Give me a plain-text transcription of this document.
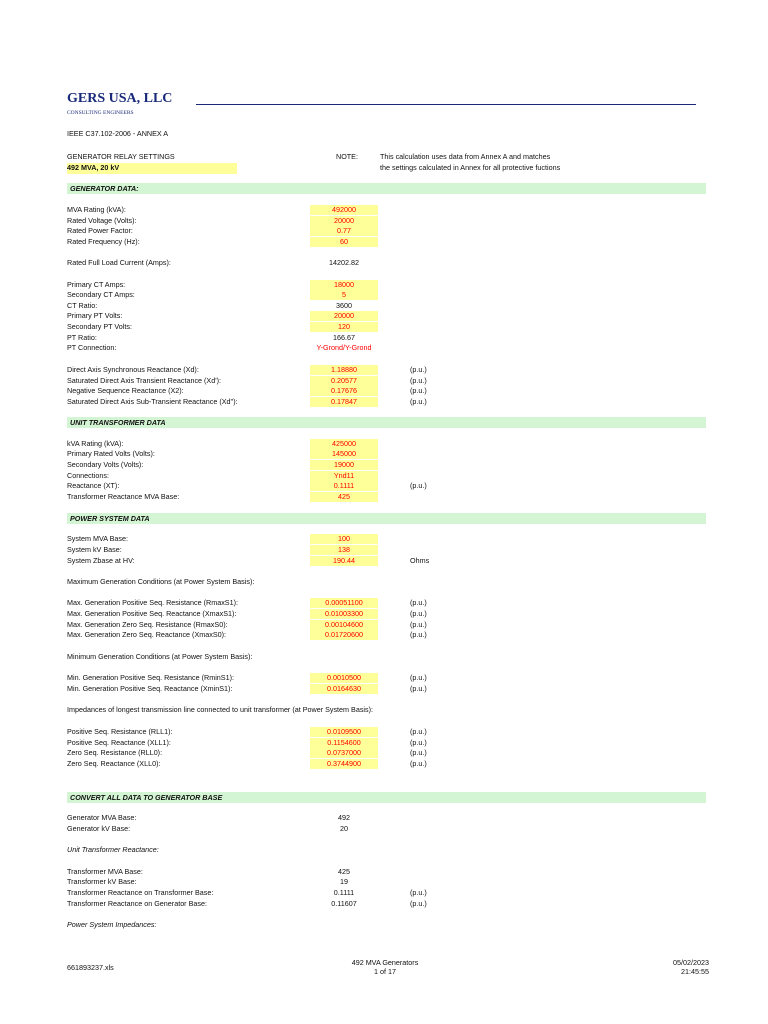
GERS USA, LLC
CONSULTING ENGINEERS
IEEE C37.102-2006 - ANNEX A
GENERATOR RELAY SETTINGS
492 MVA, 20 kV
NOTE:	This calculation uses data from Annex A and matches
the settings calculated in Annex for all protective fuctions
GENERATOR DATA:
MVA Rating (kVA):	492000
Rated Voltage (Volts):	20000
Rated Power Factor:	0.77
Rated Frequency (Hz):	60
Rated Full Load Current (Amps):	14202.82
Primary CT Amps:	18000
Secondary CT Amps:	5
CT Ratio:	3600
Primary PT Volts:	20000
Secondary PT Volts:	120
PT Ratio:	166.67
PT Connection:	Y-Grond/Y-Grond
Direct Axis Synchronous Reactance (Xd):	1.18880	(p.u.)
Saturated Direct Axis Transient Reactance (Xd'):	0.20577	(p.u.)
Negative Sequence Reactance (X2):	0.17676	(p.u.)
Saturated Direct Axis Sub-Transient Reactance (Xd''):	0.17847	(p.u.)
UNIT TRANSFORMER DATA
kVA Rating (kVA):	425000
Primary Rated Volts (Volts):	145000
Secondary Volts (Volts):	19000
Connections:	Ynd11
Reactance (XT):	0.1111	(p.u.)
Transformer Reactance MVA Base:	425
POWER SYSTEM DATA
System MVA Base:	100
System kV Base:	138
System Zbase at HV:	190.44	Ohms
Maximum Generation Conditions (at Power System Basis):
Max. Generation Positive Seq. Resistance (RmaxS1):	0.00051100	(p.u.)
Max. Generation Positive Seq. Reactance (XmaxS1):	0.01003300	(p.u.)
Max. Generation Zero Seq. Resistance (RmaxS0):	0.00104600	(p.u.)
Max. Generation Zero Seq. Reactance (XmaxS0):	0.01720600	(p.u.)
Minimum Generation Conditions (at Power System Basis):
Min. Generation Positive Seq. Resistance (RminS1):	0.0010500	(p.u.)
Min. Generation Positive Seq. Reactance (XminS1):	0.0164630	(p.u.)
Impedances of longest transmission line connected to unit transformer (at Power System Basis):
Positive Seq. Resistance (RLL1):	0.0109500	(p.u.)
Positive Seq. Reactance (XLL1):	0.1154600	(p.u.)
Zero Seq. Resistance (RLL0):	0.0737000	(p.u.)
Zero Seq. Reactance (XLL0):	0.3744900	(p.u.)
CONVERT ALL DATA TO GENERATOR BASE
Generator MVA Base:	492
Generator kV Base:	20
Unit Transformer Reactance:
Transformer MVA Base:	425
Transformer kV Base:	19
Transformer Reactance on Transformer Base:	0.1111	(p.u.)
Transformer Reactance on Generator Base:	0.11607	(p.u.)
Power System Impedances:
661893237.xls
492 MVA Generators
1 of 17
05/02/2023
21:45:55
